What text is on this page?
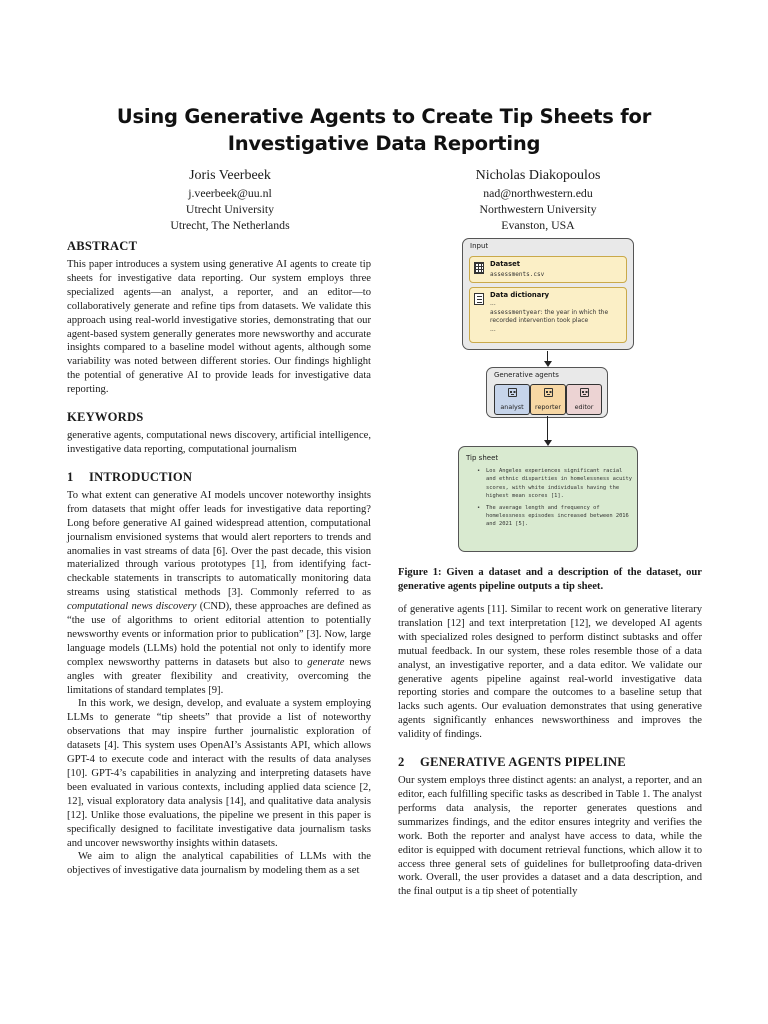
Using Generative Agents to Create Tip Sheets for Investigative Data Reporting
Joris Veerbeek
j.veerbeek@uu.nl
Utrecht University
Utrecht, The Netherlands
Nicholas Diakopoulos
nad@northwestern.edu
Northwestern University
Evanston, USA
ABSTRACT

This paper introduces a system using generative AI agents to create tip sheets for investigative data reporting. Our system employs three specialized agents—an analyst, a reporter, and an editor—to collaboratively generate and refine tips from datasets. We validate this approach using real-world investigative stories, demonstrating that our agent-based system generally generates more newsworthy and accurate insights compared to a baseline model without agents, although some variability was noted between different stories. Our findings highlight the potential of generative AI to provide leads for investigative data reporting.

KEYWORDS

generative agents, computational news discovery, artificial intelligence, investigative data reporting, computational journalism

1 INTRODUCTION

To what extent can generative AI models uncover noteworthy insights from datasets that might offer leads for investigative data reporting? Long before generative AI gained widespread attention, computational journalism envisioned systems that would alert reporters to trends and anomalies in vast streams of data [6]. Over the past decade, this vision materialized through various prototypes [1], from identifying fact-checkable statements in transcripts to automatically monitoring data streams using statistical methods [3]. Commonly referred to as computational news discovery (CND), these approaches are defined as “the use of algorithms to orient editorial attention to potentially newsworthy events or information prior to publication” [3]. Now, large language models (LLMs) hold the potential not only to identify more complex newsworthy patterns in datasets but also to generate news angles with greater flexibility and creativity, overcoming the limitations of standard templates [9].

In this work, we design, develop, and evaluate a system employing LLMs to generate “tip sheets” that provide a list of noteworthy observations that may inspire further journalistic exploration of datasets [4]. This system uses OpenAI’s Assistants API, which allows GPT-4 to execute code and interact with the results of data analyses [10]. GPT-4’s capabilities in analyzing and interpreting datasets have been evaluated in various contexts, including applied data science [2, 12], visual exploratory data analysis [14], and qualitative data analysis [12]. Unlike those evaluations, the pipeline we present in this paper is specifically designed to facilitate investigative data journalism tasks and uncover newsworthy insights within datasets.

We aim to align the analytical capabilities of LLMs with the objectives of investigative data journalism by modeling them as a set

Input
Dataset
assessments.csv
Data dictionary
...
assessmentyear: the year in which the recorded intervention took place
...
Generative agents
analyst	reporter	editor
Tip sheet
• Los Angeles experiences significant racial and ethnic disparities in homelessness acuity scores, with white individuals having the highest mean scores [1].
• The average length and frequency of homelessness episodes increased between 2016 and 2021 [5].
Figure 1: Given a dataset and a description of the dataset, our generative agents pipeline outputs a tip sheet.

of generative agents [11]. Similar to recent work on generative literary translation [12] and text interpretation [12], we developed AI agents with specialized roles designed to perform distinct subtasks and offer mutual feedback. In our system, these roles resemble those of a data analyst, an investigative reporter, and a data editor. We validate our generative agents pipeline against real-world investigative data reporting stories and compare the outcomes to a baseline setup that lacks such agents. Our evaluation demonstrates that using generative agents significantly enhances newsworthiness and improves the validity of findings.

2 GENERATIVE AGENTS PIPELINE

Our system employs three distinct agents: an analyst, a reporter, and an editor, each fulfilling specific tasks as described in Table 1. The analyst performs data analysis, the reporter generates questions and summarizes findings, and the editor ensures integrity and verifies the work. Both the reporter and analyst have access to data, while the editor is equipped with document retrieval functions, which allow it to access three general sets of guidelines for bulletproofing data-driven work. Overall, the user provides a dataset and a data description, and the final output is a tip sheet of potentially
